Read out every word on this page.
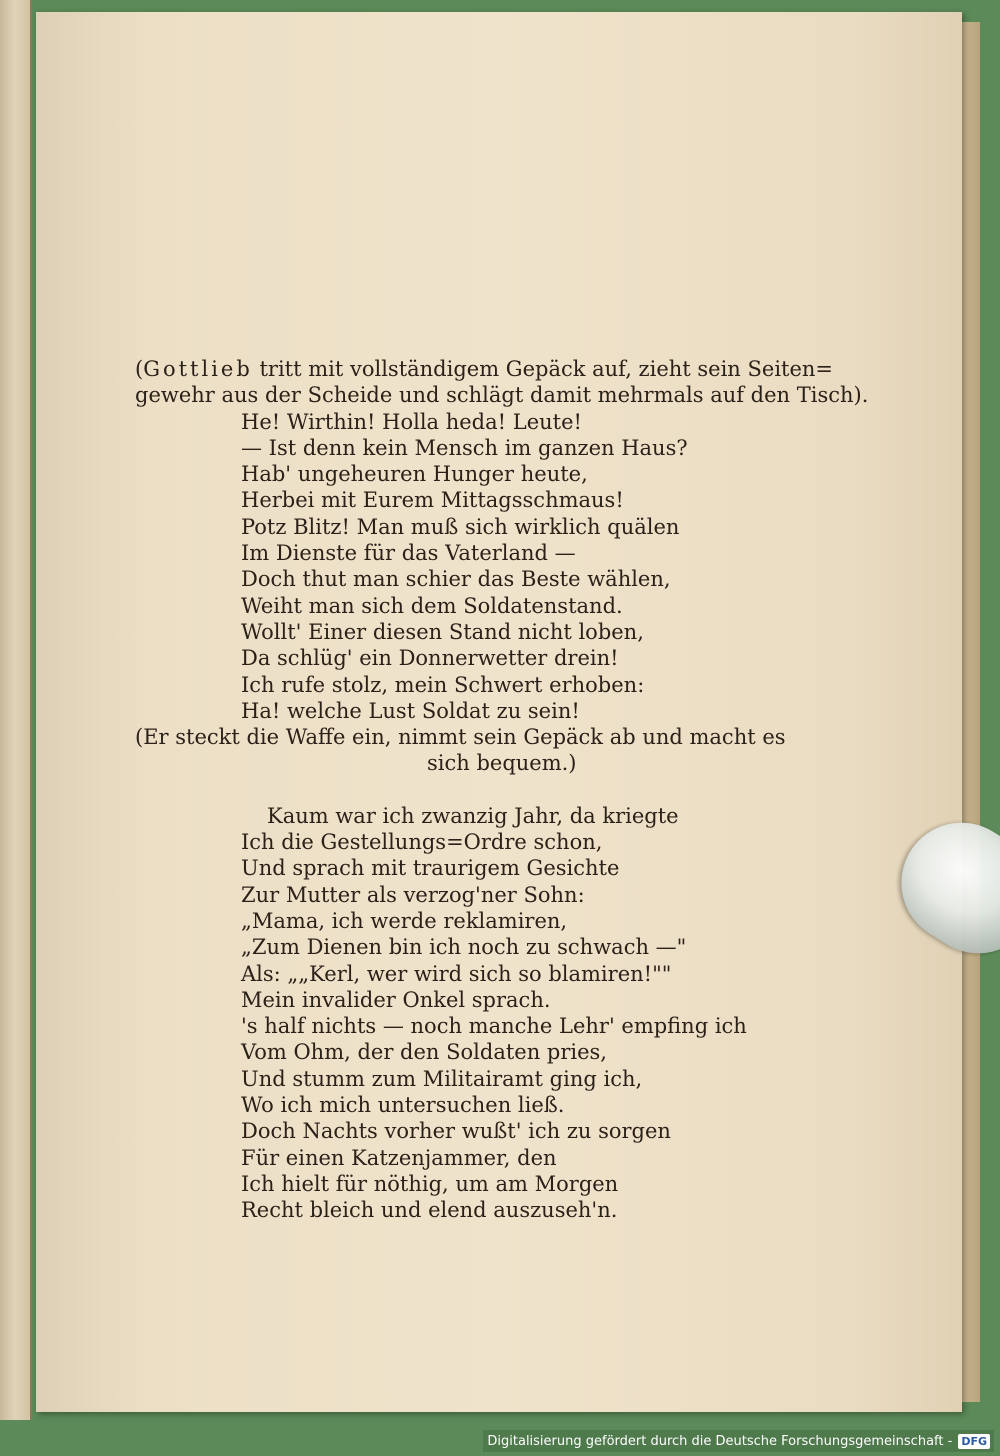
(Gottlieb tritt mit vollständigem Gepäck auf, zieht sein Seiten=
gewehr aus der Scheide und schlägt damit mehrmals auf den Tisch).
He! Wirthin! Holla heda! Leute!
— Ist denn kein Mensch im ganzen Haus?
Hab' ungeheuren Hunger heute,
Herbei mit Eurem Mittagsschmaus!
Potz Blitz! Man muß sich wirklich quälen
Im Dienste für das Vaterland —
Doch thut man schier das Beste wählen,
Weiht man sich dem Soldatenstand.
Wollt' Einer diesen Stand nicht loben,
Da schlüg' ein Donnerwetter drein!
Ich rufe stolz, mein Schwert erhoben:
Ha! welche Lust Soldat zu sein!
(Er steckt die Waffe ein, nimmt sein Gepäck ab und macht es
sich bequem.)
Kaum war ich zwanzig Jahr, da kriegte
Ich die Gestellungs=Ordre schon,
Und sprach mit traurigem Gesichte
Zur Mutter als verzog'ner Sohn:
„Mama, ich werde reklamiren,
„Zum Dienen bin ich noch zu schwach —"
Als: „„Kerl, wer wird sich so blamiren!""
Mein invalider Onkel sprach.
's half nichts — noch manche Lehr' empfing ich
Vom Ohm, der den Soldaten pries,
Und stumm zum Militairamt ging ich,
Wo ich mich untersuchen ließ.
Doch Nachts vorher wußt' ich zu sorgen
Für einen Katzenjammer, den
Ich hielt für nöthig, um am Morgen
Recht bleich und elend auszuseh'n.
Digitalisierung gefördert durch die Deutsche Forschungsgemeinschaft - DFG
